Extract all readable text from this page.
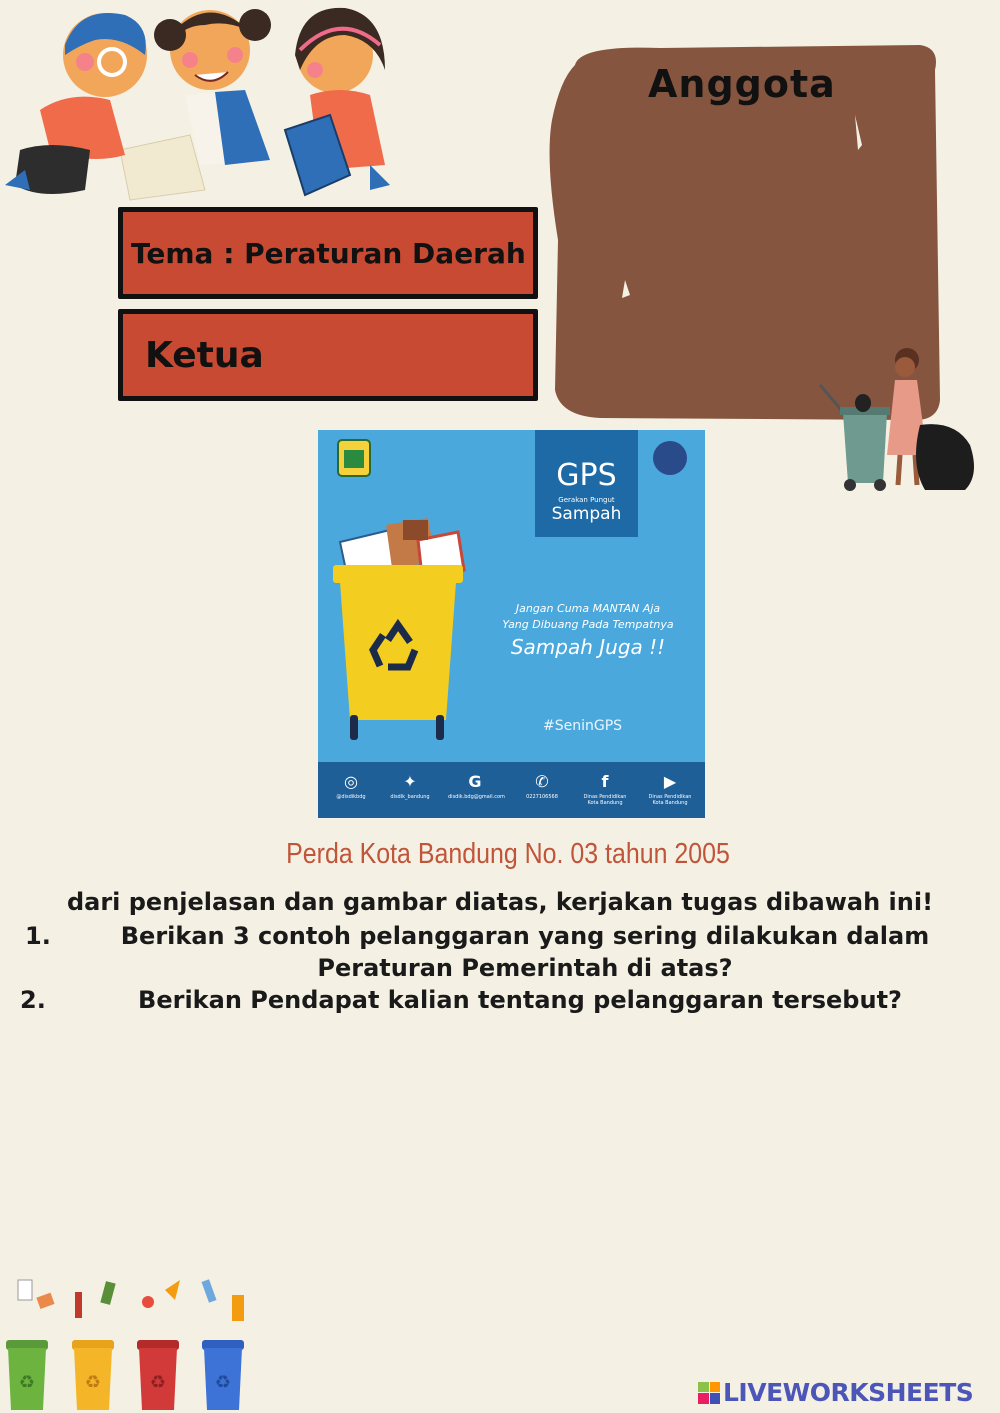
Tema : Peraturan Daerah
Ketua
Anggota
GPS
Gerakan Pungut
Sampah
Jangan Cuma MANTAN Aja
Yang Dibuang Pada Tempatnya
Sampah Juga !!
#SeninGPS
◎
@disdikbdg
✦
disdik_bandung
G
disdik.bdg@gmail.com
✆
0227106568
f
Dinas Pendidikan Kota Bandung
▶
Dinas Pendidikan Kota Bandung
Perda Kota Bandung No. 03 tahun 2005
dari penjelasan dan gambar diatas, kerjakan tugas dibawah ini!
1.	Berikan 3 contoh pelanggaran yang sering dilakukan dalam Peraturan Pemerintah di atas?
2.	Berikan Pendapat kalian tentang pelanggaran tersebut?
♻	♻	♻	♻	LIVEWORKSHEETS
